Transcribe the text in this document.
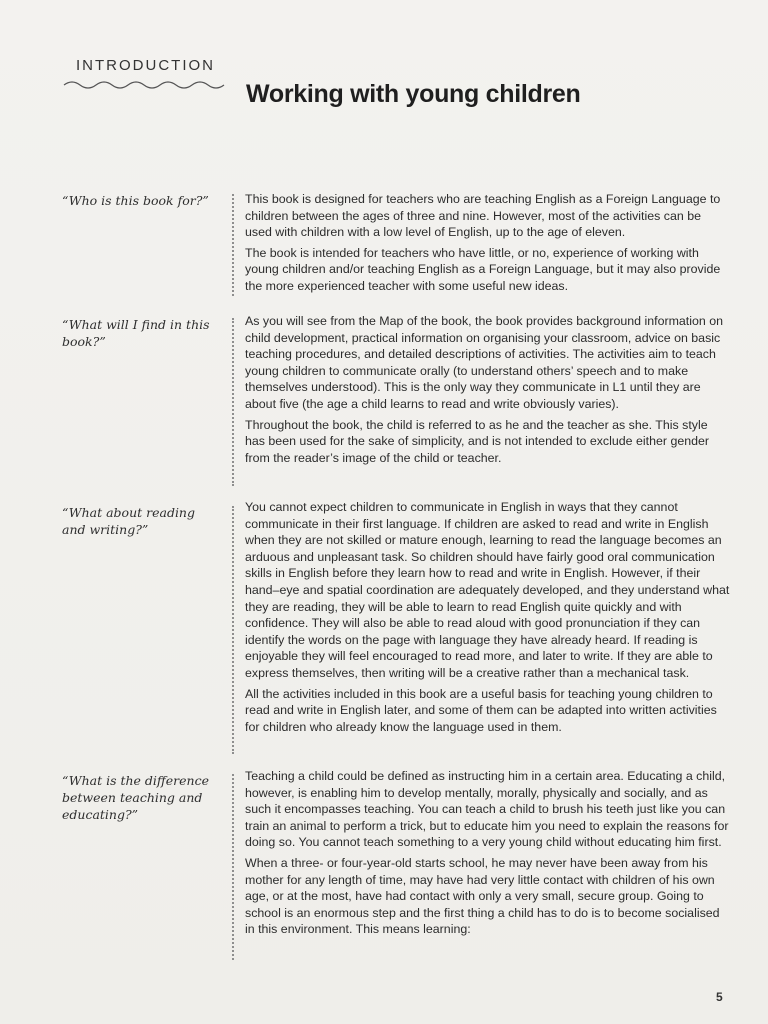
INTRODUCTION
Working with young children
“Who is this book for?”	This book is designed for teachers who are teaching English as a Foreign Language to children between the ages of three and nine. However, most of the activities can be used with children with a low level of English, up to the age of eleven.

The book is intended for teachers who have little, or no, experience of working with young children and/or teaching English as a Foreign Language, but it may also provide the more experienced teacher with some useful new ideas.

“What will I find in this book?”

As you will see from the Map of the book, the book provides background information on child development, practical information on organising your classroom, advice on basic teaching procedures, and detailed descriptions of activities. The activities aim to teach young children to communicate orally (to understand others’ speech and to make themselves understood). This is the only way they communicate in L1 until they are about five (the age a child learns to read and write obviously varies).

Throughout the book, the child is referred to as he and the teacher as she. This style has been used for the sake of simplicity, and is not intended to exclude either gender from the reader’s image of the child or teacher.

“What about reading and writing?”

You cannot expect children to communicate in English in ways that they cannot communicate in their first language. If children are asked to read and write in English when they are not skilled or mature enough, learning to read the language becomes an arduous and unpleasant task. So children should have fairly good oral communication skills in English before they learn how to read and write in English. However, if their hand–eye and spatial coordination are adequately developed, and they understand what they are reading, they will be able to learn to read English quite quickly and with confidence. They will also be able to read aloud with good pronunciation if they can identify the words on the page with language they have already heard. If reading is enjoyable they will feel encouraged to read more, and later to write. If they are able to express themselves, then writing will be a creative rather than a mechanical task.

All the activities included in this book are a useful basis for teaching young children to read and write in English later, and some of them can be adapted into written activities for children who already know the language used in them.

“What is the difference between teaching and educating?”

Teaching a child could be defined as instructing him in a certain area. Educating a child, however, is enabling him to develop mentally, morally, physically and socially, and as such it encompasses teaching. You can teach a child to brush his teeth just like you can train an animal to perform a trick, but to educate him you need to explain the reasons for doing so. You cannot teach something to a very young child without educating him first.

When a three- or four-year-old starts school, he may never have been away from his mother for any length of time, may have had very little contact with children of his own age, or at the most, have had contact with only a very small, secure group. Going to school is an enormous step and the first thing a child has to do is to become socialised in this environment. This means learning:

5
